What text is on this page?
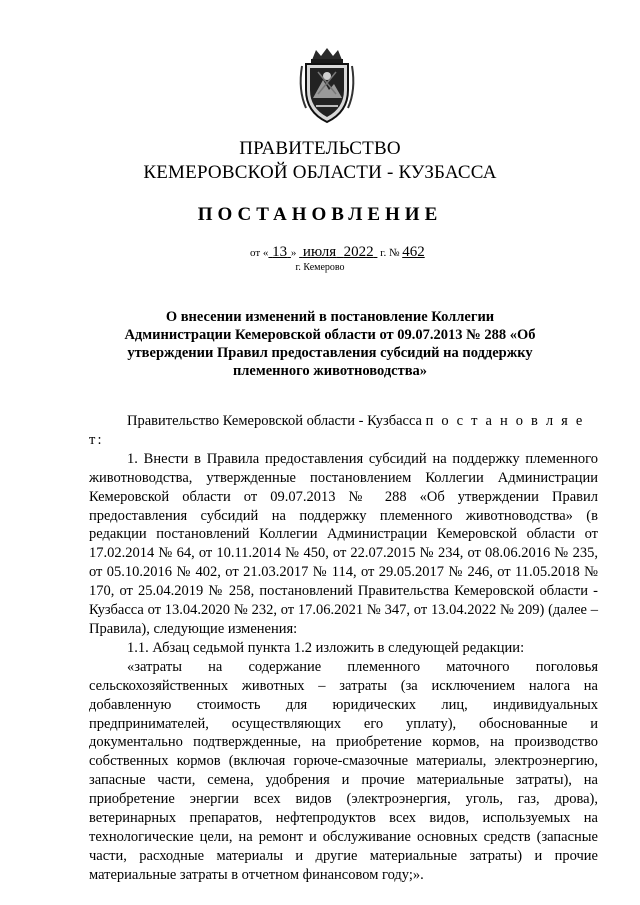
ПРАВИТЕЛЬСТВО
КЕМЕРОВСКОЙ ОБЛАСТИ - КУЗБАССА
ПОСТАНОВЛЕНИЕ
от « 13 » июля 2022 г. № 462
г. Кемерово
О внесении изменений в постановление Коллегии Администрации Кемеровской области от 09.07.2013 № 288 «Об утверждении Правил предоставления субсидий на поддержку племенного животноводства»

Правительство Кемеровской области - Кузбасса п о с т а н о в л я е т:

1. Внести в Правила предоставления субсидий на поддержку племенного животноводства, утвержденные постановлением Коллегии Администрации Кемеровской области от 09.07.2013 № 288 «Об утверждении Правил предоставления субсидий на поддержку племенного животноводства» (в редакции постановлений Коллегии Администрации Кемеровской области от 17.02.2014 № 64, от 10.11.2014 № 450, от 22.07.2015 № 234, от 08.06.2016 № 235, от 05.10.2016 № 402, от 21.03.2017 № 114, от 29.05.2017 № 246, от 11.05.2018 № 170, от 25.04.2019 № 258, постановлений Правительства Кемеровской области - Кузбасса от 13.04.2020 № 232, от 17.06.2021 № 347, от 13.04.2022 № 209) (далее – Правила), следующие изменения:

1.1. Абзац седьмой пункта 1.2 изложить в следующей редакции:

«затраты на содержание племенного маточного поголовья сельскохозяйственных животных – затраты (за исключением налога на добавленную стоимость для юридических лиц, индивидуальных предпринимателей, осуществляющих его уплату), обоснованные и документально подтвержденные, на приобретение кормов, на производство собственных кормов (включая горюче-смазочные материалы, электроэнергию, запасные части, семена, удобрения и прочие материальные затраты), на приобретение энергии всех видов (электроэнергия, уголь, газ, дрова), ветеринарных препаратов, нефтепродуктов всех видов, используемых на технологические цели, на ремонт и обслуживание основных средств (запасные части, расходные материалы и другие материальные затраты) и прочие материальные затраты в отчетном финансовом году;».
